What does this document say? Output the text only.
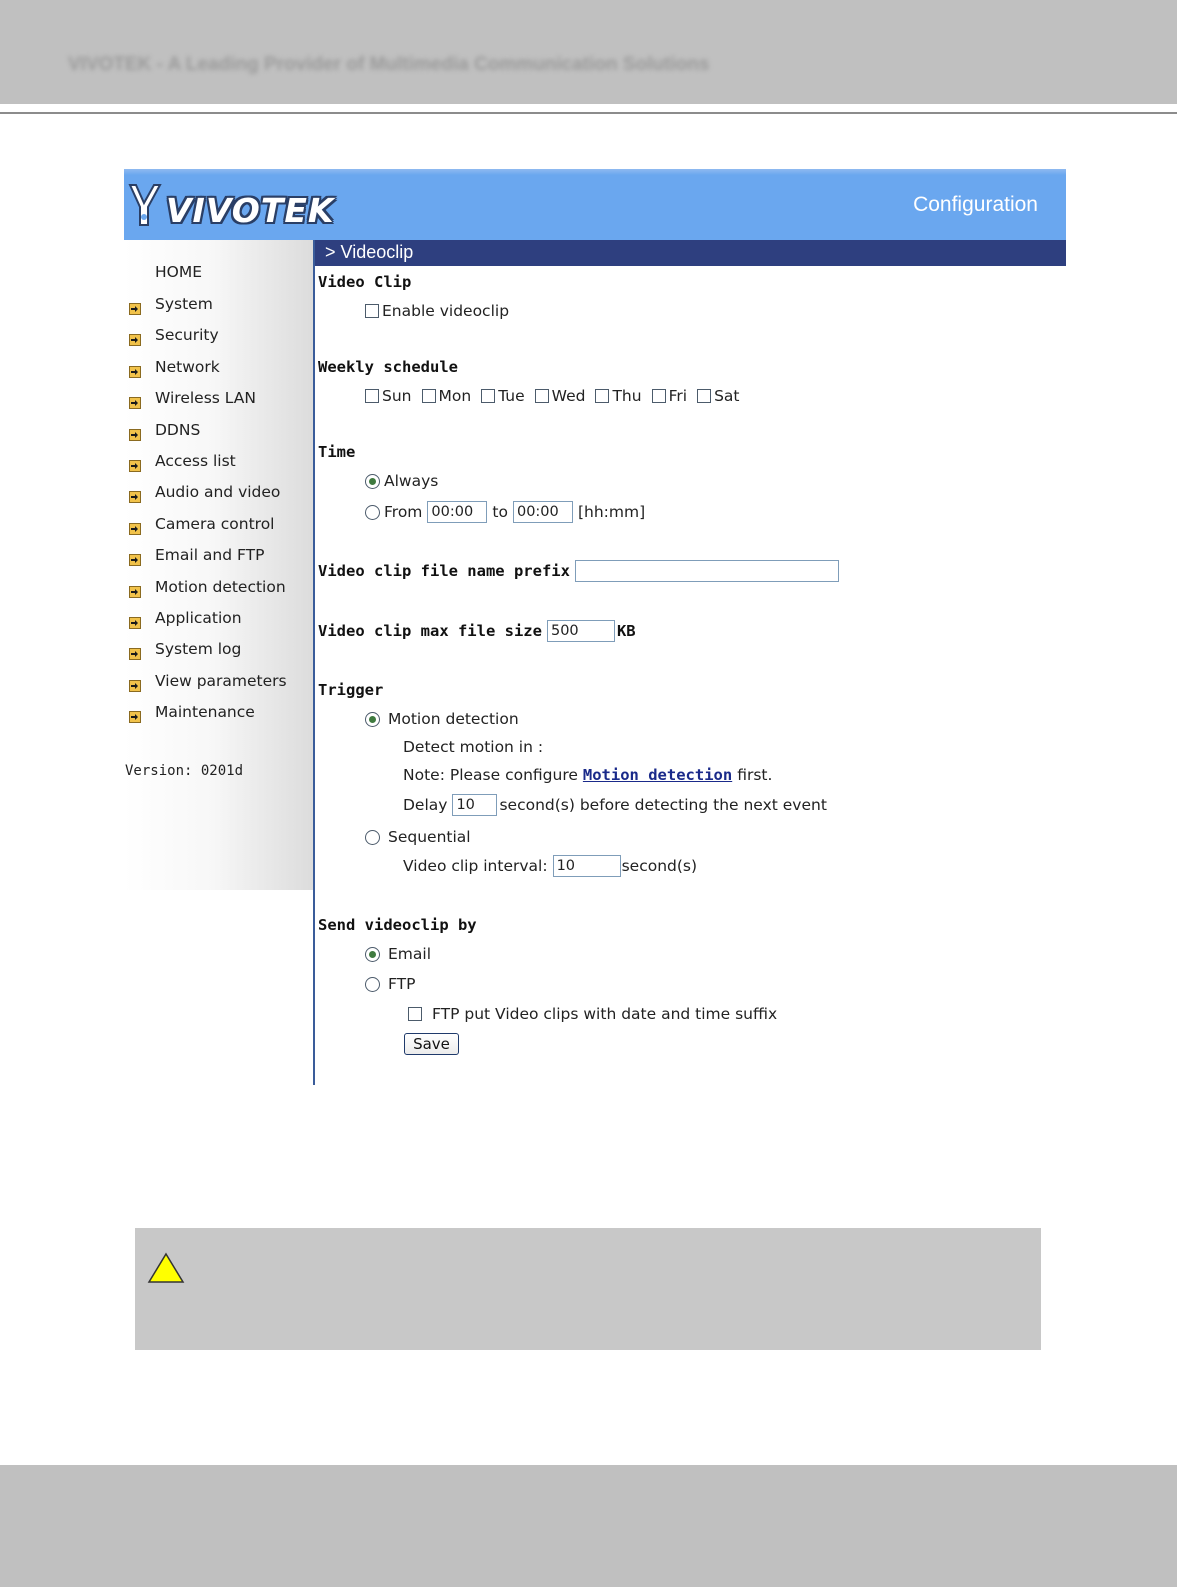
VIVOTEK - A Leading Provider of Multimedia Communication Solutions
VIVOTEK	Configuration
HOME
System
Security
Network
Wireless LAN
DDNS
Access list
Audio and video
Camera control
Email and FTP
Motion detection
Application
System log
View parameters
Maintenance
Version: 0201d
> Videoclip
Video Clip
Enable videoclip
Weekly schedule
Sun Mon Tue Wed Thu Fri Sat
Time
Always
From 00:00	to 00:00	[hh:mm]
Video clip file name prefix
Video clip max file size 500	KB
Trigger
Motion detection
Detect motion in :
Note: Please configure Motion detection first.
Delay 10	second(s) before detecting the next event
Sequential
Video clip interval: 10	second(s)
Send videoclip by
Email
FTP
FTP put Video clips with date and time suffix
Save
